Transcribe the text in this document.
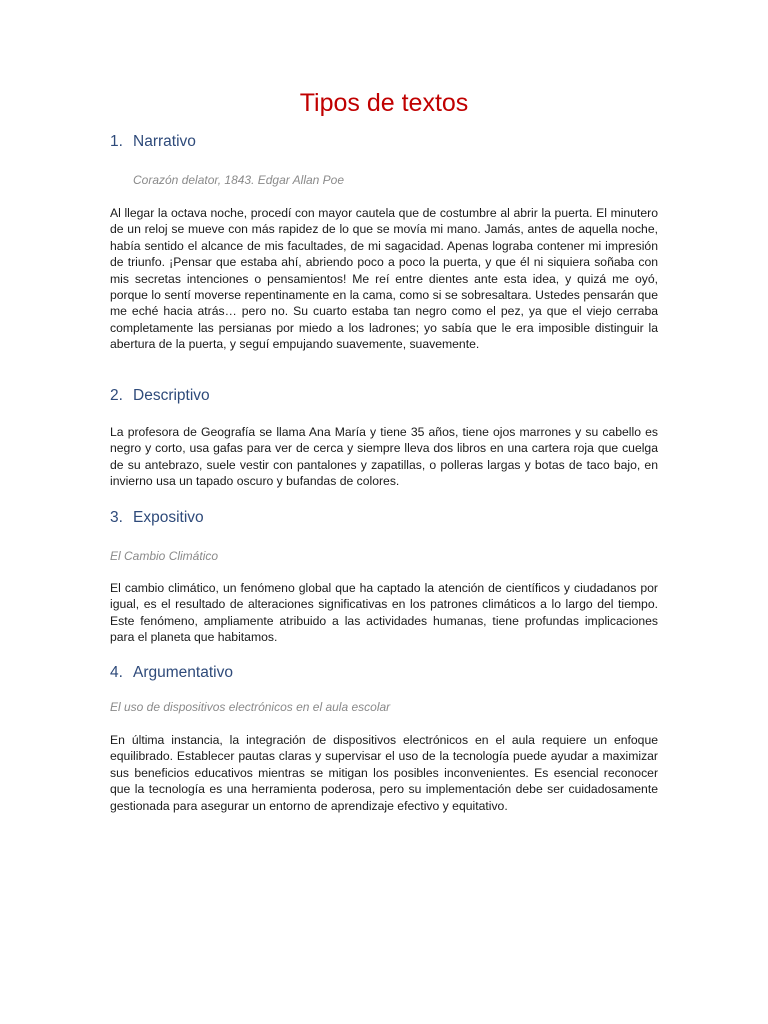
Tipos de textos
1. Narrativo

Corazón delator, 1843. Edgar Allan Poe

Al llegar la octava noche, procedí con mayor cautela que de costumbre al abrir la puerta. El minutero de un reloj se mueve con más rapidez de lo que se movía mi mano. Jamás, antes de aquella noche, había sentido el alcance de mis facultades, de mi sagacidad. Apenas lograba contener mi impresión de triunfo. ¡Pensar que estaba ahí, abriendo poco a poco la puerta, y que él ni siquiera soñaba con mis secretas intenciones o pensamientos! Me reí entre dientes ante esta idea, y quizá me oyó, porque lo sentí moverse repentinamente en la cama, como si se sobresaltara. Ustedes pensarán que me eché hacia atrás… pero no. Su cuarto estaba tan negro como el pez, ya que el viejo cerraba completamente las persianas por miedo a los ladrones; yo sabía que le era imposible distinguir la abertura de la puerta, y seguí empujando suavemente, suavemente.

2. Descriptivo

La profesora de Geografía se llama Ana María y tiene 35 años, tiene ojos marrones y su cabello es negro y corto, usa gafas para ver de cerca y siempre lleva dos libros en una cartera roja que cuelga de su antebrazo, suele vestir con pantalones y zapatillas, o polleras largas y botas de taco bajo, en invierno usa un tapado oscuro y bufandas de colores.

3. Expositivo

El Cambio Climático

El cambio climático, un fenómeno global que ha captado la atención de científicos y ciudadanos por igual, es el resultado de alteraciones significativas en los patrones climáticos a lo largo del tiempo. Este fenómeno, ampliamente atribuido a las actividades humanas, tiene profundas implicaciones para el planeta que habitamos.

4. Argumentativo

El uso de dispositivos electrónicos en el aula escolar

En última instancia, la integración de dispositivos electrónicos en el aula requiere un enfoque equilibrado. Establecer pautas claras y supervisar el uso de la tecnología puede ayudar a maximizar sus beneficios educativos mientras se mitigan los posibles inconvenientes. Es esencial reconocer que la tecnología es una herramienta poderosa, pero su implementación debe ser cuidadosamente gestionada para asegurar un entorno de aprendizaje efectivo y equitativo.
